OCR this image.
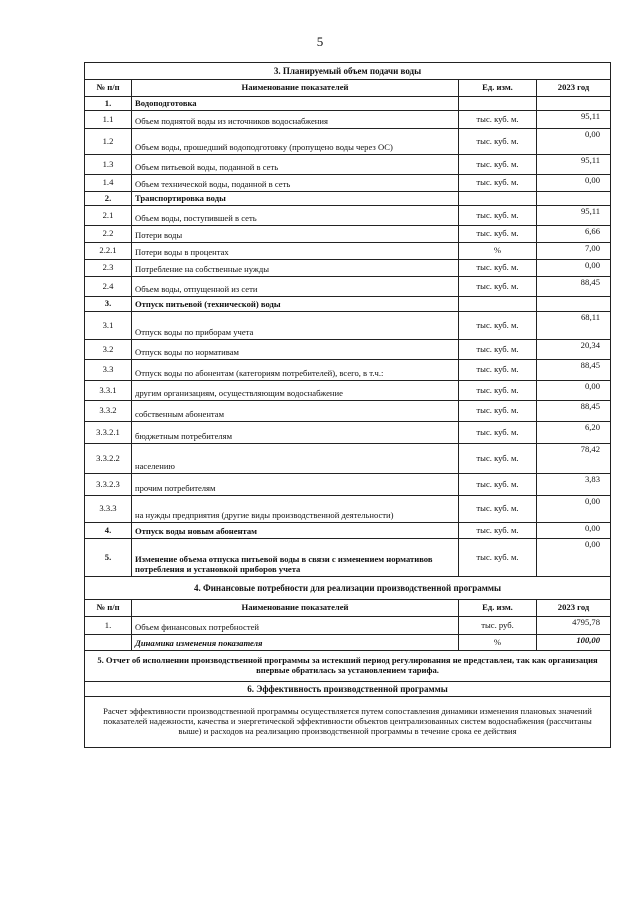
5
3. Планируемый объем подачи воды			
№ п/п	Наименование показателей	Ед. изм.	2023 год
1.	Водоподготовка		
1.1	Объем поднятой воды из источников водоснабжения	тыс. куб. м.	95,11
1.2	Объем воды, прошедший водоподготовку (пропущено воды через ОС)	тыс. куб. м.	0,00
1.3	Объем питьевой воды, поданной в сеть	тыс. куб. м.	95,11
1.4	Объем технической воды, поданной в сеть	тыс. куб. м.	0,00
2.	Транспортировка воды		
2.1	Объем воды, поступившей в сеть	тыс. куб. м.	95,11
2.2	Потери воды	тыс. куб. м.	6,66
2.2.1	Потери воды в процентах	%	7,00
2.3	Потребление на собственные нужды	тыс. куб. м.	0,00
2.4	Объем воды, отпущенной из сети	тыс. куб. м.	88,45
3.	Отпуск питьевой (технической) воды		
3.1	Отпуск воды по приборам учета	тыс. куб. м.	68,11
3.2	Отпуск воды по нормативам	тыс. куб. м.	20,34
3.3	Отпуск воды по абонентам (категориям потребителей), всего, в т.ч.:	тыс. куб. м.	88,45
3.3.1	другим организациям, осуществляющим водоснабжение	тыс. куб. м.	0,00
3.3.2	собственным абонентам	тыс. куб. м.	88,45
3.3.2.1	бюджетным потребителям	тыс. куб. м.	6,20
3.3.2.2	населению	тыс. куб. м.	78,42
3.3.2.3	прочим потребителям	тыс. куб. м.	3,83
3.3.3	на нужды предприятия (другие виды производственной деятельности)	тыс. куб. м.	0,00
4.	Отпуск воды новым абонентам	тыс. куб. м.	0,00
5.	Изменение объема отпуска питьевой воды в связи с изменением нормативов потребления и установкой приборов учета	тыс. куб. м.	0,00
4. Финансовые потребности для реализации производственной программы			
№ п/п	Наименование показателей	Ед. изм.	2023 год
1.	Объем финансовых потребностей	тыс. руб.	4795,78
	Динамика изменения показателя	%	100,00
5. Отчет об исполнении производственной программы за истекший период регулирования не представлен, так как организация впервые обратилась за установлением тарифа.			
6. Эффективность производственной программы			
Расчет эффективности производственной программы осуществляется путем сопоставления динамики изменения плановых значений показателей надежности, качества и энергетической эффективности объектов централизованных систем водоснабжения (рассчитаны выше) и расходов на реализацию производственной программы в течение срока ее действия			
